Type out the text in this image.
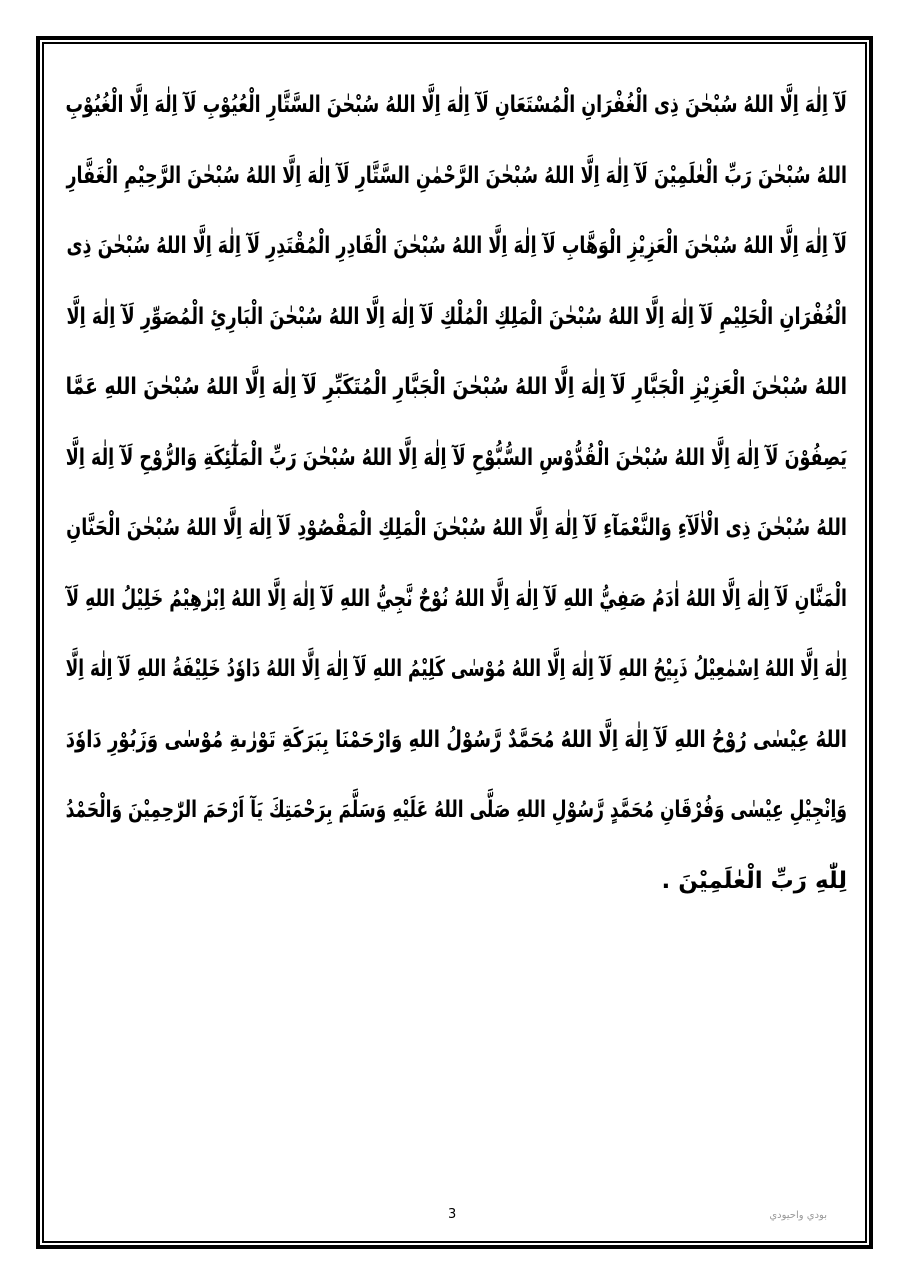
لَآ اِلٰهَ اِلَّا اللهُ سُبْحٰنَ ذِى الْغُفْرَانِ الْمُسْتَعَانِ لَآ اِلٰهَ اِلَّا اللهُ سُبْحٰنَ السَّتَّارِ الْعُيُوْبِ لَآ اِلٰهَ اِلَّا الْغُيُوْبِ
اللهُ سُبْحٰنَ رَبِّ الْعٰلَمِيْنَ لَآ اِلٰهَ اِلَّا اللهُ سُبْحٰنَ الرَّحْمٰنِ السَّتَّارِ لَآ اِلٰهَ اِلَّا اللهُ سُبْحٰنَ الرَّحِيْمِ الْغَفَّارِ
لَآ اِلٰهَ اِلَّا اللهُ سُبْحٰنَ الْعَزِيْزِ الْوَهَّابِ لَآ اِلٰهَ اِلَّا اللهُ سُبْحٰنَ الْقَادِرِ الْمُقْتَدِرِ لَآ اِلٰهَ اِلَّا اللهُ سُبْحٰنَ ذِى
الْغُفْرَانِ الْحَلِيْمِ لَآ اِلٰهَ اِلَّا اللهُ سُبْحٰنَ الْمَلِكِ الْمُلْكِ لَآ اِلٰهَ اِلَّا اللهُ سُبْحٰنَ الْبَارِئِ الْمُصَوِّرِ لَآ اِلٰهَ اِلَّا
اللهُ سُبْحٰنَ الْعَزِيْزِ الْجَبَّارِ لَآ اِلٰهَ اِلَّا اللهُ سُبْحٰنَ الْجَبَّارِ الْمُتَكَبِّرِ لَآ اِلٰهَ اِلَّا اللهُ سُبْحٰنَ اللهِ عَمَّا
يَصِفُوْنَ لَآ اِلٰهَ اِلَّا اللهُ سُبْحٰنَ الْقُدُّوْسِ السُّبُّوْحِ لَآ اِلٰهَ اِلَّا اللهُ سُبْحٰنَ رَبِّ الْمَلٰٓئِكَةِ وَالرُّوْحِ لَآ اِلٰهَ اِلَّا
اللهُ سُبْحٰنَ ذِى الْاٰلَآءِ وَالنَّعْمَآءِ لَآ اِلٰهَ اِلَّا اللهُ سُبْحٰنَ الْمَلِكِ الْمَقْصُوْدِ لَآ اِلٰهَ اِلَّا اللهُ سُبْحٰنَ الْحَنَّانِ
الْمَنَّانِ لَآ اِلٰهَ اِلَّا اللهُ اٰدَمُ صَفِيُّ اللهِ لَآ اِلٰهَ اِلَّا اللهُ نُوْحٌ نَّجِيُّ اللهِ لَآ اِلٰهَ اِلَّا اللهُ اِبْرٰهِيْمُ خَلِيْلُ اللهِ لَآ
اِلٰهَ اِلَّا اللهُ اِسْمٰعِيْلُ ذَبِيْحُ اللهِ لَآ اِلٰهَ اِلَّا اللهُ مُوْسٰى كَلِيْمُ اللهِ لَآ اِلٰهَ اِلَّا اللهُ دَاوٗدُ خَلِيْفَةُ اللهِ لَآ اِلٰهَ اِلَّا
اللهُ عِيْسٰى رُوْحُ اللهِ لَآ اِلٰهَ اِلَّا اللهُ مُحَمَّدٌ رَّسُوْلُ اللهِ وَارْحَمْنَا بِبَرَكَةِ تَوْرٰىةِ مُوْسٰى وَزَبُوْرِ دَاوٗدَ
وَاِنْجِيْلِ عِيْسٰى وَفُرْقَانِ مُحَمَّدٍ رَّسُوْلِ اللهِ صَلَّى اللهُ عَلَيْهِ وَسَلَّمَ بِرَحْمَتِكَ يَآ اَرْحَمَ الرّٰحِمِيْنَ وَالْحَمْدُ
لِلّٰهِ رَبِّ الْعٰلَمِيْنَ .
3	بودي واحيودي
